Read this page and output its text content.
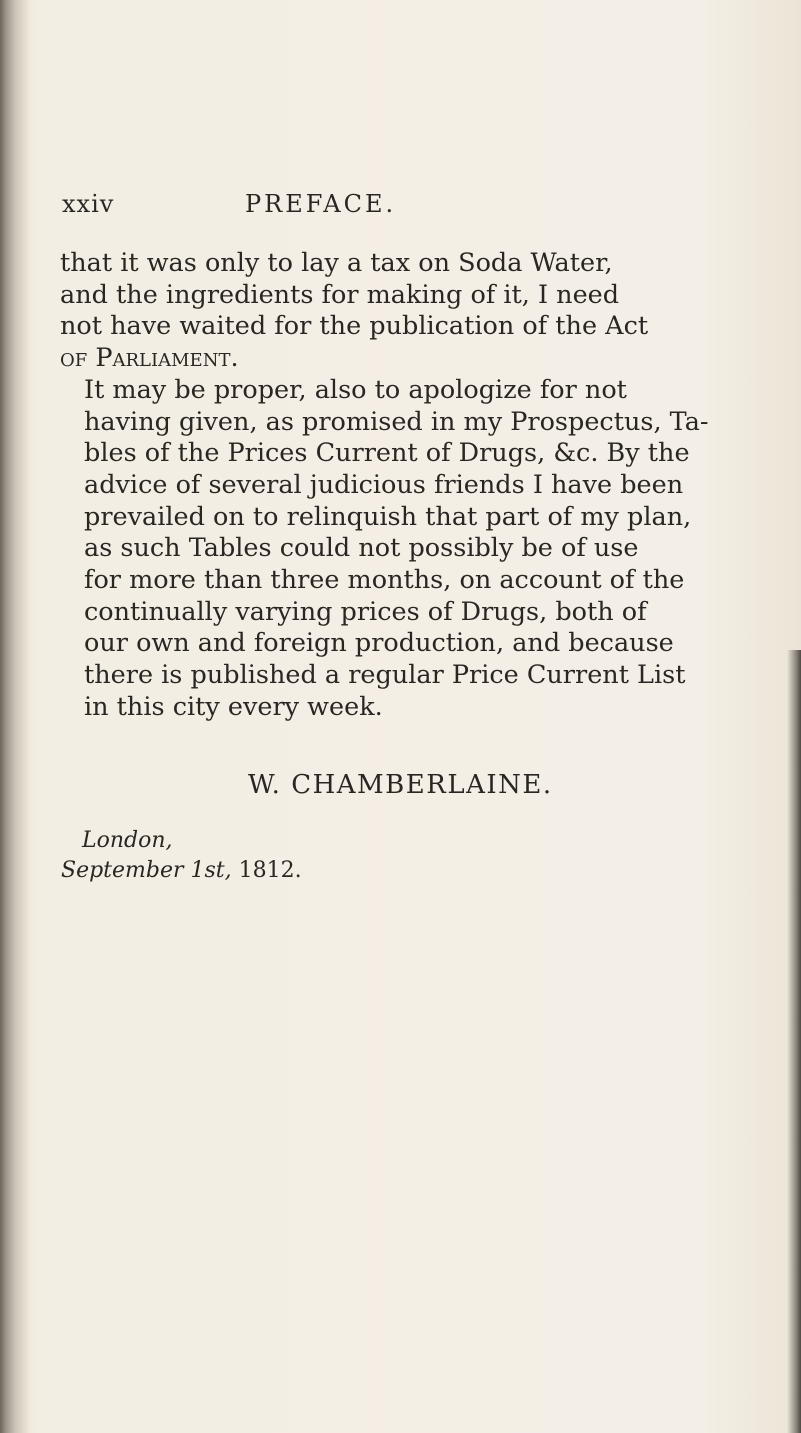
xxiv	PREFACE.

that it was only to lay a tax on Soda Water,
and the ingredients for making of it, I need
not have waited for the publication of the Act
of Parliament.

It may be proper, also to apologize for not
having given, as promised in my Prospectus, Ta-
bles of the Prices Current of Drugs, &c. By the
advice of several judicious friends I have been
prevailed on to relinquish that part of my plan,
as such Tables could not possibly be of use
for more than three months, on account of the
continually varying prices of Drugs, both of
our own and foreign production, and because
there is published a regular Price Current List
in this city every week.

W. CHAMBERLAINE.
London,
September 1st, 1812.
